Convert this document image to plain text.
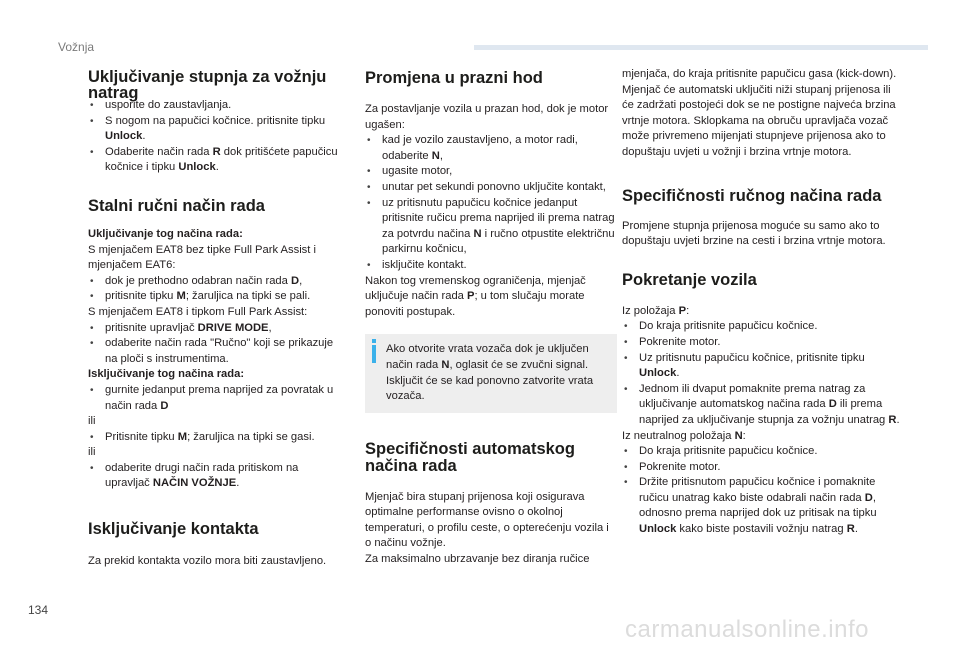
Vožnja
Uključivanje stupnja za vožnju natrag
• usporite do zaustavljanja.
• S nogom na papučici kočnice. pritisnite tipku Unlock.
• Odaberite način rada R dok pritišćete papučicu kočnice i tipku Unlock.
Stalni ručni način rada

Uključivanje tog načina rada:

S mjenjačem EAT8 bez tipke Full Park Assist i mjenjačem EAT6:

• dok je prethodno odabran način rada D,
• pritisnite tipku M; žaruljica na tipki se pali.

S mjenjačem EAT8 i tipkom Full Park Assist:

• pritisnite upravljač DRIVE MODE,
• odaberite način rada "Ručno" koji se prikazuje na ploči s instrumentima.

Isključivanje tog načina rada:

• gurnite jedanput prema naprijed za povratak u način rada D

ili

• Pritisnite tipku M; žaruljica na tipki se gasi.

ili

• odaberite drugi način rada pritiskom na upravljač NAČIN VOŽNJE.
Isključivanje kontakta

Za prekid kontakta vozilo mora biti zaustavljeno.

Promjena u prazni hod

Za postavljanje vozila u prazan hod, dok je motor ugašen:

• kad je vozilo zaustavljeno, a motor radi, odaberite N,
• ugasite motor,
• unutar pet sekundi ponovno uključite kontakt,
• uz pritisnutu papučicu kočnice jedanput pritisnite ručicu prema naprijed ili prema natrag za potvrdu načina N i ručno otpustite električnu parkirnu kočnicu,
• isključite kontakt.

Nakon tog vremenskog ograničenja, mjenjač uključuje način rada P; u tom slučaju morate ponoviti postupak.

Ako otvorite vrata vozača dok je uključen način rada N, oglasit će se zvučni signal. Isključit će se kad ponovno zatvorite vrata vozača.

Specifičnosti automatskog načina rada

Mjenjač bira stupanj prijenosa koji osigurava optimalne performanse ovisno o okolnoj temperaturi, o profilu ceste, o opterećenju vozila i o načinu vožnje.

Za maksimalno ubrzavanje bez diranja ručice

mjenjača, do kraja pritisnite papučicu gasa (kick-down). Mjenjač će automatski uključiti niži stupanj prijenosa ili će zadržati postojeći dok se ne postigne najveća brzina vrtnje motora. Sklopkama na obruču upravljača vozač može privremeno mijenjati stupnjeve prijenosa ako to dopuštaju uvjeti u vožnji i brzina vrtnje motora.

Specifičnosti ručnog načina rada

Promjene stupnja prijenosa moguće su samo ako to dopuštaju uvjeti brzine na cesti i brzina vrtnje motora.

Pokretanje vozila

Iz položaja P:

• Do kraja pritisnite papučicu kočnice.
• Pokrenite motor.
• Uz pritisnutu papučicu kočnice, pritisnite tipku Unlock.
• Jednom ili dvaput pomaknite prema natrag za uključivanje automatskog načina rada D ili prema naprijed za uključivanje stupnja za vožnju unatrag R.

Iz neutralnog položaja N:

• Do kraja pritisnite papučicu kočnice.
• Pokrenite motor.
• Držite pritisnutom papučicu kočnice i pomaknite ručicu unatrag kako biste odabrali način rada D, odnosno prema naprijed dok uz pritisak na tipku Unlock kako biste postavili vožnju natrag R.
134
carmanualsonline.info
